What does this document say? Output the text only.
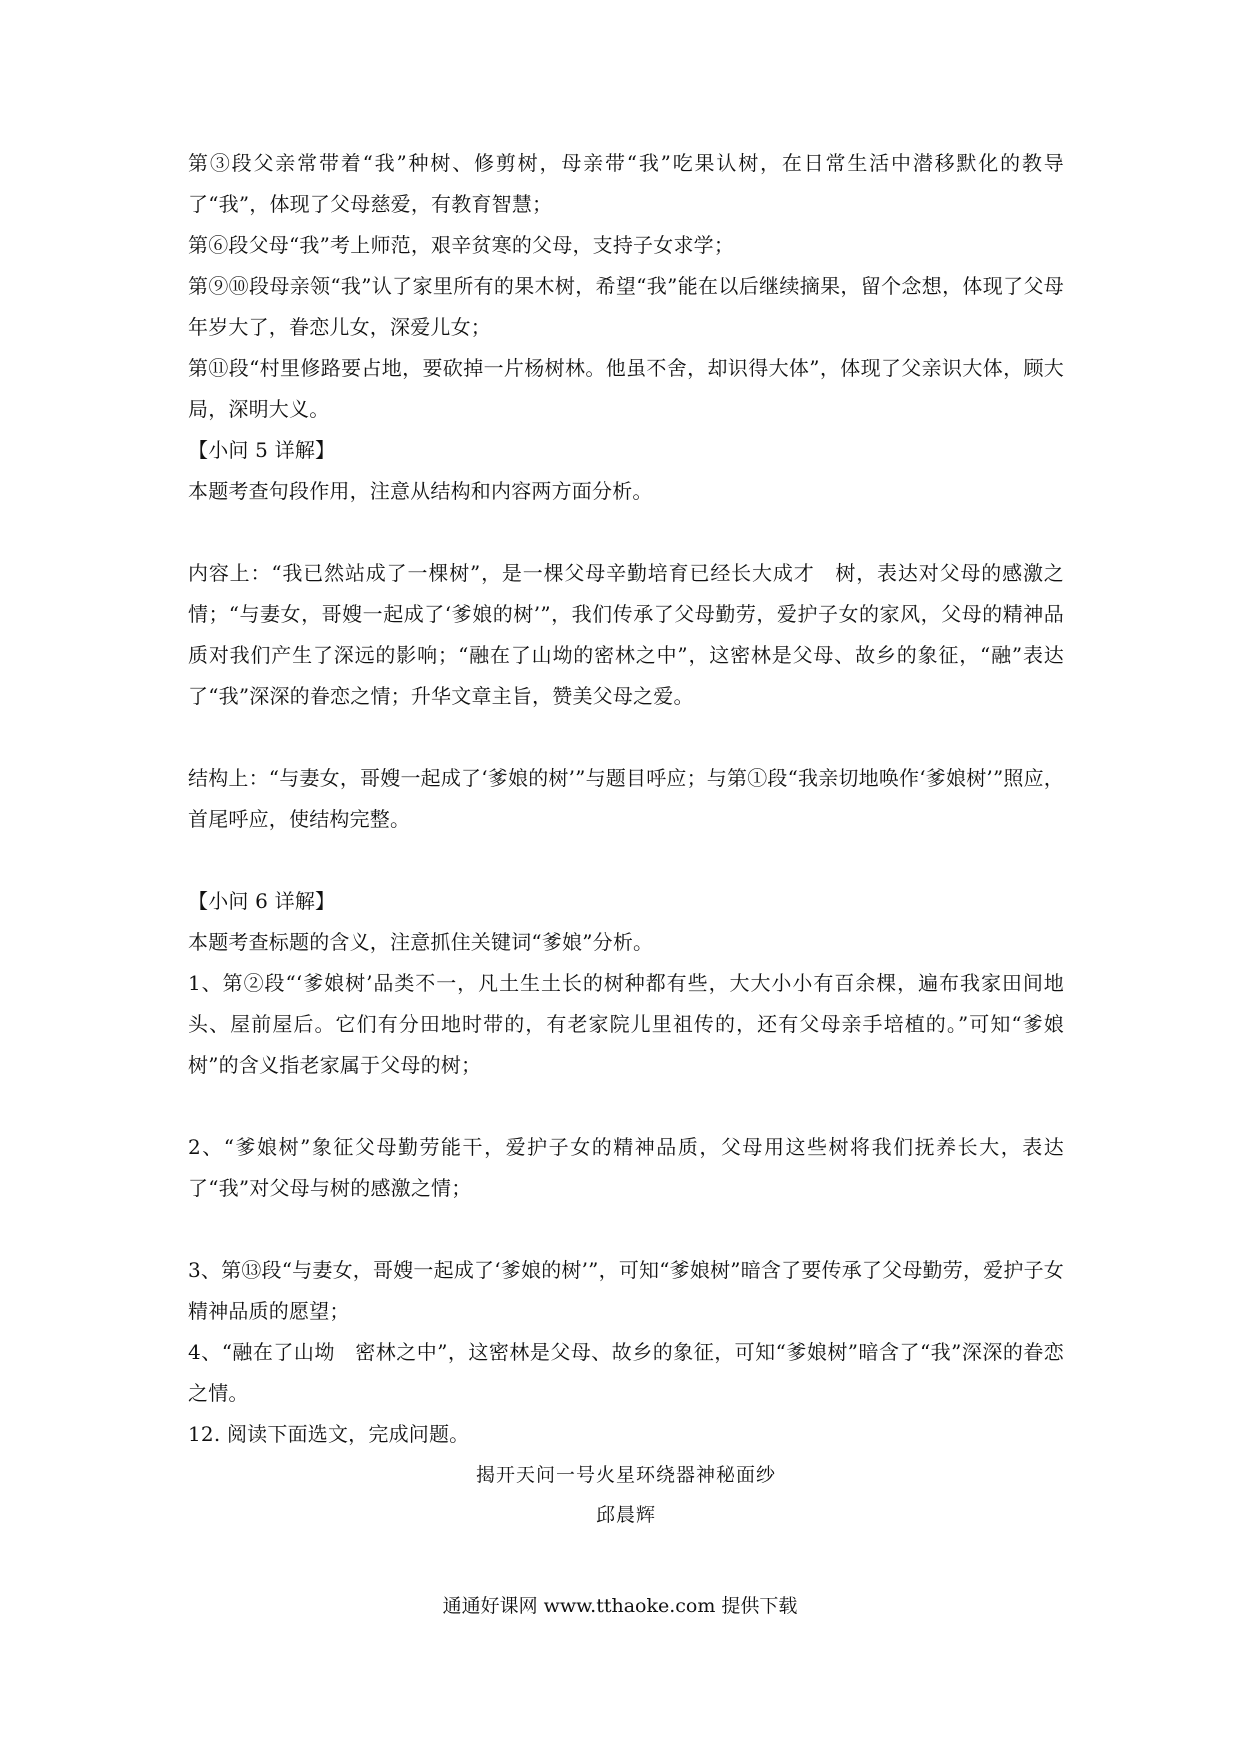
第③段父亲常带着“我”种树、修剪树，母亲带“我”吃果认树，在日常生活中潜移默化的教导了“我”，体现了父母慈爱，有教育智慧；

第⑥段父母“我”考上师范，艰辛贫寒的父母，支持子女求学；

第⑨⑩段母亲领“我”认了家里所有的果木树，希望“我”能在以后继续摘果，留个念想，体现了父母年岁大了，眷恋儿女，深爱儿女；

第⑪段“村里修路要占地，要砍掉一片杨树林。他虽不舍，却识得大体”，体现了父亲识大体，顾大局，深明大义。

【小问 5 详解】

本题考查句段作用，注意从结构和内容两方面分析。

内容上：“我已然站成了一棵树”，是一棵父母辛勤培育已经长大成才　树，表达对父母的感激之情；“与妻女，哥嫂一起成了‘爹娘的树’”，我们传承了父母勤劳，爱护子女的家风，父母的精神品质对我们产生了深远的影响；“融在了山坳的密林之中”，这密林是父母、故乡的象征，“融”表达了“我”深深的眷恋之情；升华文章主旨，赞美父母之爱。

结构上：“与妻女，哥嫂一起成了‘爹娘的树’”与题目呼应；与第①段“我亲切地唤作‘爹娘树’”照应，首尾呼应，使结构完整。

【小问 6 详解】

本题考查标题的含义，注意抓住关键词“爹娘”分析。

1、第②段“‘爹娘树’品类不一，凡土生土长的树种都有些，大大小小有百余棵，遍布我家田间地头、屋前屋后。它们有分田地时带的，有老家院儿里祖传的，还有父母亲手培植的。”可知“爹娘树”的含义指老家属于父母的树；

2、“爹娘树”象征父母勤劳能干，爱护子女的精神品质，父母用这些树将我们抚养长大，表达了“我”对父母与树的感激之情；

3、第⑬段“与妻女，哥嫂一起成了‘爹娘的树’”，可知“爹娘树”暗含了要传承了父母勤劳，爱护子女精神品质的愿望；

4、“融在了山坳　密林之中”，这密林是父母、故乡的象征，可知“爹娘树”暗含了“我”深深的眷恋之情。

12. 阅读下面选文，完成问题。

揭开天问一号火星环绕器神秘面纱
邱晨辉
通通好课网 www.tthaoke.com 提供下载
